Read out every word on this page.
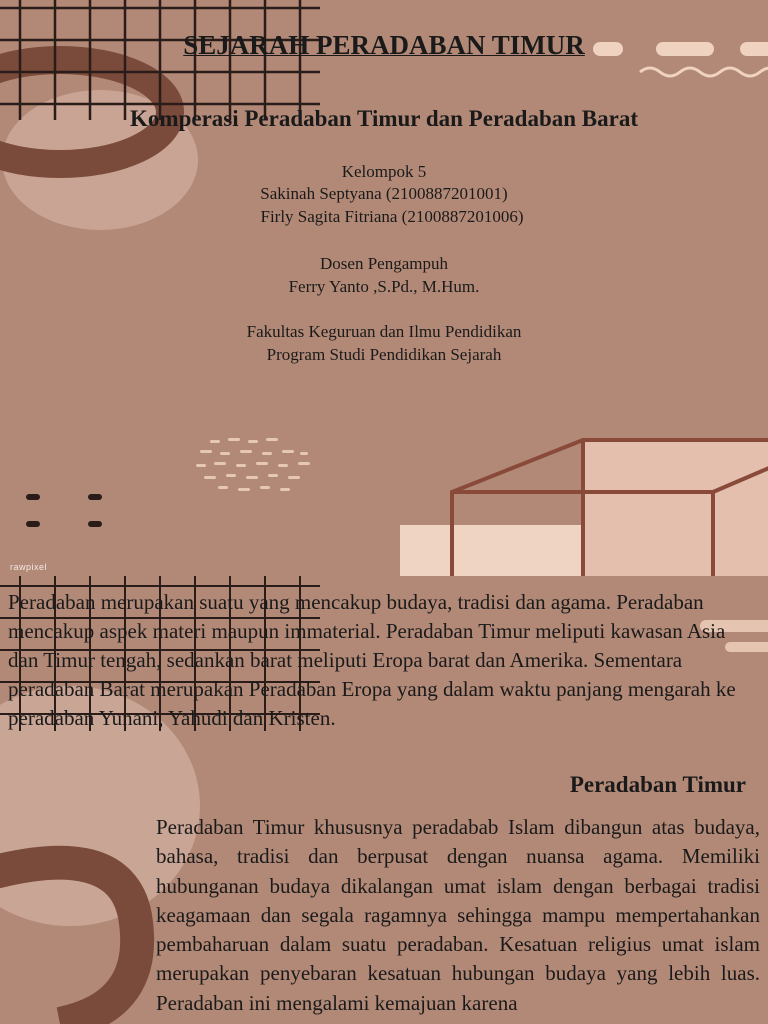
SEJARAH PERADABAN TIMUR
Komperasi Peradaban Timur dan Peradaban Barat
Kelompok 5
Sakinah Septyana (2100887201001)
Firly Sagita Fitriana (2100887201006)
Dosen Pengampuh
Ferry Yanto ,S.Pd., M.Hum.
Fakultas Keguruan dan Ilmu Pendidikan
Program Studi Pendidikan Sejarah
rawpixel

Peradaban merupakan suatu yang mencakup budaya, tradisi dan agama. Peradaban mencakup aspek materi maupun immaterial. Peradaban Timur meliputi kawasan Asia dan Timur tengah, sedankan barat meliputi Eropa barat dan Amerika. Sementara peradaban Barat merupakan Peradaban Eropa yang dalam waktu panjang mengarah ke peradaban Yunani, Yahudi dan Kristen.

Peradaban Timur

Peradaban Timur khususnya peradabab Islam dibangun atas budaya, bahasa, tradisi dan berpusat dengan nuansa agama. Memiliki hubunganan budaya dikalangan umat islam dengan berbagai tradisi keagamaan dan segala ragamnya sehingga mampu mempertahankan pembaharuan dalam suatu peradaban. Kesatuan religius umat islam merupakan penyebaran kesatuan hubungan budaya yang lebih luas. Peradaban ini mengalami kemajuan karena
